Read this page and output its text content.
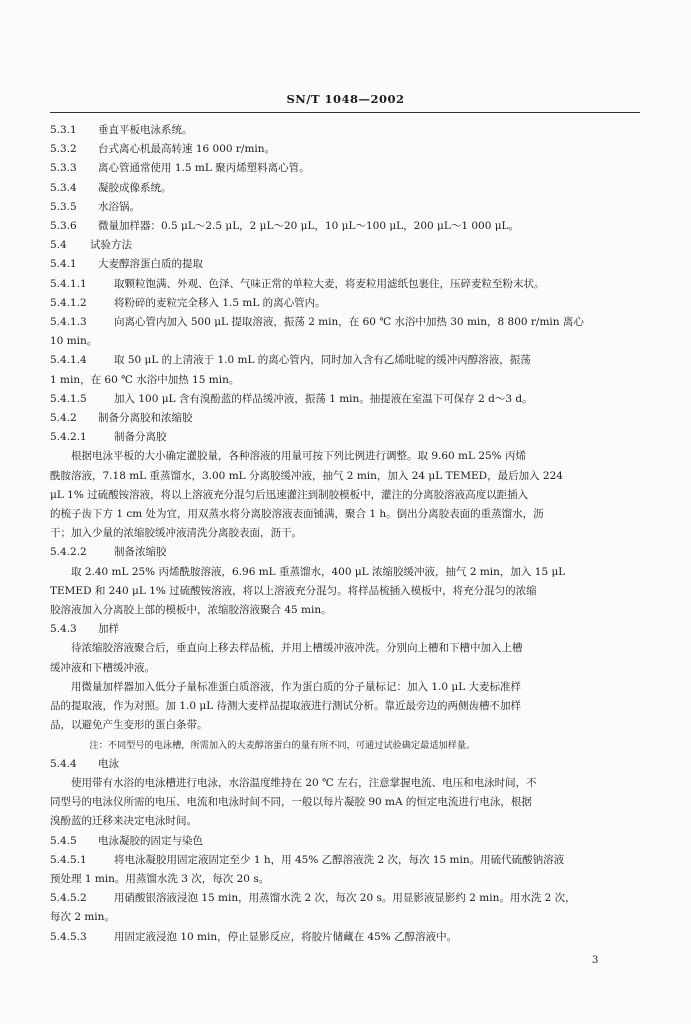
SN/T 1048—2002
5.3.1	垂直平板电泳系统。
5.3.2	台式离心机最高转速 16 000 r/min。
5.3.3	离心管通常使用 1.5 mL 聚丙烯塑料离心管。
5.3.4	凝胶成像系统。
5.3.5	水浴锅。
5.3.6	微量加样器：0.5 μL～2.5 μL，2 μL～20 μL，10 μL～100 μL，200 μL～1 000 μL。
5.4	试验方法
5.4.1	大麦醇溶蛋白质的提取
5.4.1.1	取颗粒饱满、外观、色泽、气味正常的单粒大麦，将麦粒用滤纸包裹住，压碎麦粒至粉末状。
5.4.1.2	将粉碎的麦粒完全移入 1.5 mL 的离心管内。
5.4.1.3	向离心管内加入 500 μL 提取溶液，振荡 2 min，在 60 ℃ 水浴中加热 30 min，8 800 r/min 离心
10 min。
5.4.1.4	取 50 μL 的上清液于 1.0 mL 的离心管内，同时加入含有乙烯吡啶的缓冲丙醇溶液，振荡
1 min，在 60 ℃ 水浴中加热 15 min。
5.4.1.5	加入 100 μL 含有溴酚蓝的样品缓冲液，振荡 1 min。抽提液在室温下可保存 2 d～3 d。
5.4.2	制备分离胶和浓缩胶
5.4.2.1	制备分离胶
根据电泳平板的大小确定灌胶量，各种溶液的用量可按下列比例进行调整。取 9.60 mL 25% 丙烯
酰胺溶液，7.18 mL 重蒸馏水，3.00 mL 分离胶缓冲液，抽气 2 min，加入 24 μL TEMED，最后加入 224
μL 1% 过硫酸铵溶液，将以上溶液充分混匀后迅速灌注到制胶模板中，灌注的分离胶溶液高度以距插入
的梳子齿下方 1 cm 处为宜，用双蒸水将分离胶溶液表面铺满，聚合 1 h。倒出分离胶表面的重蒸馏水，沥
干；加入少量的浓缩胶缓冲液清洗分离胶表面，沥干。
5.4.2.2	制备浓缩胶
取 2.40 mL 25% 丙烯酰胺溶液，6.96 mL 重蒸馏水，400 μL 浓缩胶缓冲液，抽气 2 min，加入 15 μL
TEMED 和 240 μL 1% 过硫酸铵溶液，将以上溶液充分混匀。将样品梳插入模板中，将充分混匀的浓缩
胶溶液加入分离胶上部的模板中，浓缩胶溶液聚合 45 min。
5.4.3	加样
待浓缩胶溶液聚合后，垂直向上移去样品梳，并用上槽缓冲液冲洗。分别向上槽和下槽中加入上槽
缓冲液和下槽缓冲液。
用微量加样器加入低分子量标准蛋白质溶液，作为蛋白质的分子量标记：加入 1.0 μL 大麦标准样
品的提取液，作为对照。加 1.0 μL 待测大麦样品提取液进行测试分析。靠近最旁边的两侧齿槽不加样
品，以避免产生变形的蛋白条带。
注：不同型号的电泳槽，所需加入的大麦醇溶蛋白的量有所不同，可通过试验确定最适加样量。
5.4.4	电泳
使用带有水浴的电泳槽进行电泳，水浴温度维持在 20 ℃ 左右，注意掌握电流、电压和电泳时间，不
同型号的电泳仪所需的电压、电流和电泳时间不同，一般以每片凝胶 90 mA 的恒定电流进行电泳，根据
溴酚蓝的迁移来决定电泳时间。
5.4.5	电泳凝胶的固定与染色
5.4.5.1	将电泳凝胶用固定液固定至少 1 h，用 45% 乙醇溶液洗 2 次，每次 15 min。用硫代硫酸钠溶液
预处理 1 min。用蒸馏水洗 3 次，每次 20 s。
5.4.5.2	用硝酸银溶液浸泡 15 min，用蒸馏水洗 2 次，每次 20 s。用显影液显影约 2 min。用水洗 2 次，
每次 2 min。
5.4.5.3	用固定液浸泡 10 min，停止显影反应，将胶片储藏在 45% 乙醇溶液中。
3
